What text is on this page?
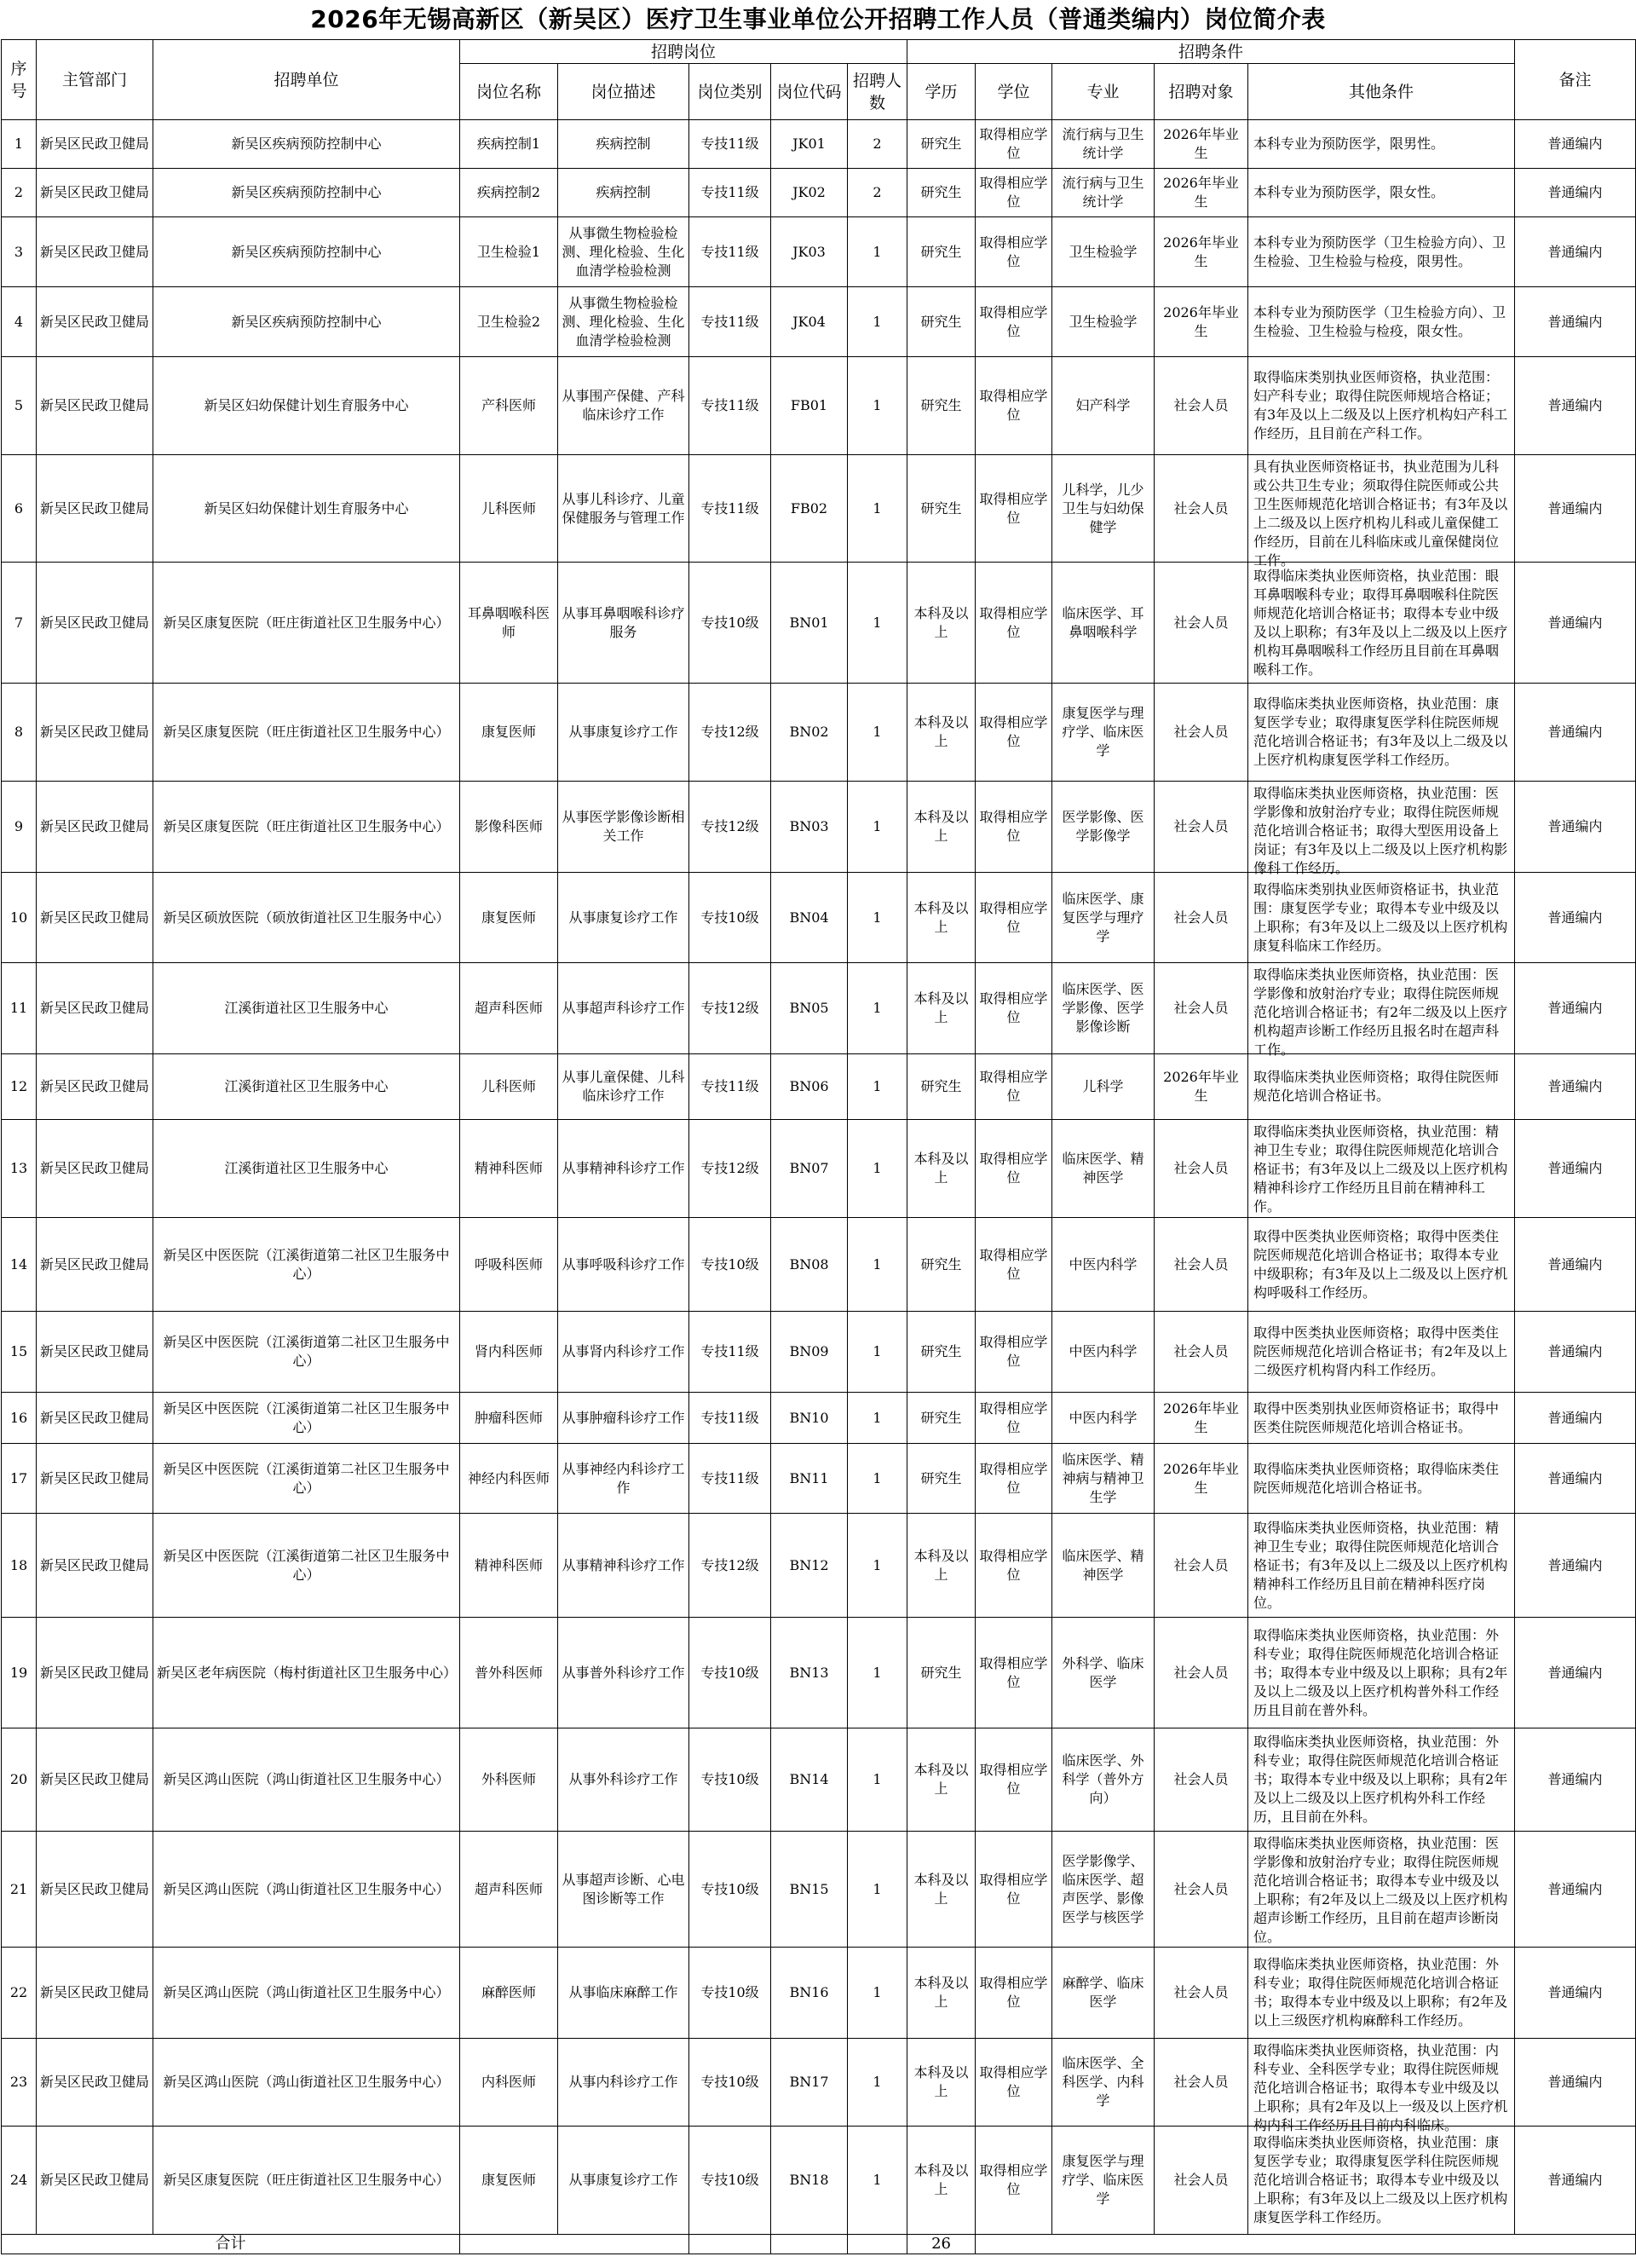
2026年无锡高新区（新吴区）医疗卫生事业单位公开招聘工作人员（普通类编内）岗位简介表
序号	主管部门	招聘单位	招聘岗位					招聘条件					备注
			岗位名称	岗位描述	岗位类别	岗位代码	招聘人数	学历	学位	专业	招聘对象	其他条件	

1	新吴区民政卫健局	新吴区疾病预防控制中心	疾病控制1	疾病控制	专技11级	JK01	2	研究生	取得相应学位	流行病与卫生统计学	2026年毕业生	本科专业为预防医学，限男性。	普通编内

2	新吴区民政卫健局	新吴区疾病预防控制中心	疾病控制2	疾病控制	专技11级	JK02	2	研究生	取得相应学位	流行病与卫生统计学	2026年毕业生	本科专业为预防医学，限女性。	普通编内

3	新吴区民政卫健局	新吴区疾病预防控制中心	卫生检验1	从事微生物检验检测、理化检验、生化血清学检验检测	专技11级	JK03	1	研究生	取得相应学位	卫生检验学	2026年毕业生	本科专业为预防医学（卫生检验方向）、卫生检验、卫生检验与检疫，限男性。	普通编内

4	新吴区民政卫健局	新吴区疾病预防控制中心	卫生检验2	从事微生物检验检测、理化检验、生化血清学检验检测	专技11级	JK04	1	研究生	取得相应学位	卫生检验学	2026年毕业生	本科专业为预防医学（卫生检验方向）、卫生检验、卫生检验与检疫，限女性。	普通编内

5	新吴区民政卫健局	新吴区妇幼保健计划生育服务中心	产科医师	从事围产保健、产科临床诊疗工作	专技11级	FB01	1	研究生	取得相应学位	妇产科学	社会人员	取得临床类别执业医师资格，执业范围：妇产科专业；取得住院医师规培合格证；有3年及以上二级及以上医疗机构妇产科工作经历，且目前在产科工作。	普通编内

6	新吴区民政卫健局	新吴区妇幼保健计划生育服务中心	儿科医师	从事儿科诊疗、儿童保健服务与管理工作	专技11级	FB02	1	研究生	取得相应学位	儿科学，儿少卫生与妇幼保健学	社会人员	具有执业医师资格证书，执业范围为儿科或公共卫生专业；须取得住院医师或公共卫生医师规范化培训合格证书；有3年及以上二级及以上医疗机构儿科或儿童保健工作经历，目前在儿科临床或儿童保健岗位工作。	普通编内

7	新吴区民政卫健局	新吴区康复医院（旺庄街道社区卫生服务中心）	耳鼻咽喉科医师	从事耳鼻咽喉科诊疗服务	专技10级	BN01	1	本科及以上	取得相应学位	临床医学、耳鼻咽喉科学	社会人员	取得临床类执业医师资格，执业范围：眼耳鼻咽喉科专业；取得耳鼻咽喉科住院医师规范化培训合格证书；取得本专业中级及以上职称；有3年及以上二级及以上医疗机构耳鼻咽喉科工作经历且目前在耳鼻咽喉科工作。	普通编内

8	新吴区民政卫健局	新吴区康复医院（旺庄街道社区卫生服务中心）	康复医师	从事康复诊疗工作	专技12级	BN02	1	本科及以上	取得相应学位	康复医学与理疗学、临床医学	社会人员	取得临床类执业医师资格，执业范围：康复医学专业；取得康复医学科住院医师规范化培训合格证书；有3年及以上二级及以上医疗机构康复医学科工作经历。	普通编内

9	新吴区民政卫健局	新吴区康复医院（旺庄街道社区卫生服务中心）	影像科医师	从事医学影像诊断相关工作	专技12级	BN03	1	本科及以上	取得相应学位	医学影像、医学影像学	社会人员	取得临床类执业医师资格，执业范围：医学影像和放射治疗专业；取得住院医师规范化培训合格证书；取得大型医用设备上岗证；有3年及以上二级及以上医疗机构影像科工作经历。	普通编内

10	新吴区民政卫健局	新吴区硕放医院（硕放街道社区卫生服务中心）	康复医师	从事康复诊疗工作	专技10级	BN04	1	本科及以上	取得相应学位	临床医学、康复医学与理疗学	社会人员	取得临床类别执业医师资格证书，执业范围：康复医学专业；取得本专业中级及以上职称；有3年及以上二级及以上医疗机构康复科临床工作经历。	普通编内

11	新吴区民政卫健局	江溪街道社区卫生服务中心	超声科医师	从事超声科诊疗工作	专技12级	BN05	1	本科及以上	取得相应学位	临床医学、医学影像、医学影像诊断	社会人员	取得临床类执业医师资格，执业范围：医学影像和放射治疗专业；取得住院医师规范化培训合格证书；有2年二级及以上医疗机构超声诊断工作经历且报名时在超声科工作。	普通编内

12	新吴区民政卫健局	江溪街道社区卫生服务中心	儿科医师	从事儿童保健、儿科临床诊疗工作	专技11级	BN06	1	研究生	取得相应学位	儿科学	2026年毕业生	取得临床类执业医师资格；取得住院医师规范化培训合格证书。	普通编内

13	新吴区民政卫健局	江溪街道社区卫生服务中心	精神科医师	从事精神科诊疗工作	专技12级	BN07	1	本科及以上	取得相应学位	临床医学、精神医学	社会人员	取得临床类执业医师资格，执业范围：精神卫生专业；取得住院医师规范化培训合格证书；有3年及以上二级及以上医疗机构精神科诊疗工作经历且目前在精神科工作。	普通编内

14	新吴区民政卫健局	新吴区中医医院（江溪街道第二社区卫生服务中心）	呼吸科医师	从事呼吸科诊疗工作	专技10级	BN08	1	研究生	取得相应学位	中医内科学	社会人员	取得中医类执业医师资格；取得中医类住院医师规范化培训合格证书；取得本专业中级职称；有3年及以上二级及以上医疗机构呼吸科工作经历。	普通编内

15	新吴区民政卫健局	新吴区中医医院（江溪街道第二社区卫生服务中心）	肾内科医师	从事肾内科诊疗工作	专技11级	BN09	1	研究生	取得相应学位	中医内科学	社会人员	取得中医类执业医师资格；取得中医类住院医师规范化培训合格证书；有2年及以上二级医疗机构肾内科工作经历。	普通编内

16	新吴区民政卫健局	新吴区中医医院（江溪街道第二社区卫生服务中心）	肿瘤科医师	从事肿瘤科诊疗工作	专技11级	BN10	1	研究生	取得相应学位	中医内科学	2026年毕业生	取得中医类别执业医师资格证书；取得中医类住院医师规范化培训合格证书。	普通编内

17	新吴区民政卫健局	新吴区中医医院（江溪街道第二社区卫生服务中心）	神经内科医师	从事神经内科诊疗工作	专技11级	BN11	1	研究生	取得相应学位	临床医学、精神病与精神卫生学	2026年毕业生	取得临床类执业医师资格；取得临床类住院医师规范化培训合格证书。	普通编内

18	新吴区民政卫健局	新吴区中医医院（江溪街道第二社区卫生服务中心）	精神科医师	从事精神科诊疗工作	专技12级	BN12	1	本科及以上	取得相应学位	临床医学、精神医学	社会人员	取得临床类执业医师资格，执业范围：精神卫生专业；取得住院医师规范化培训合格证书；有3年及以上二级及以上医疗机构精神科工作经历且目前在精神科医疗岗位。	普通编内

19	新吴区民政卫健局	新吴区老年病医院（梅村街道社区卫生服务中心）	普外科医师	从事普外科诊疗工作	专技10级	BN13	1	研究生	取得相应学位	外科学、临床医学	社会人员	取得临床类执业医师资格，执业范围：外科专业；取得住院医师规范化培训合格证书；取得本专业中级及以上职称；具有2年及以上二级及以上医疗机构普外科工作经历且目前在普外科。	普通编内

20	新吴区民政卫健局	新吴区鸿山医院（鸿山街道社区卫生服务中心）	外科医师	从事外科诊疗工作	专技10级	BN14	1	本科及以上	取得相应学位	临床医学、外科学（普外方向）	社会人员	取得临床类执业医师资格，执业范围：外科专业；取得住院医师规范化培训合格证书；取得本专业中级及以上职称；具有2年及以上二级及以上医疗机构外科工作经历，且目前在外科。	普通编内

21	新吴区民政卫健局	新吴区鸿山医院（鸿山街道社区卫生服务中心）	超声科医师	从事超声诊断、心电图诊断等工作	专技10级	BN15	1	本科及以上	取得相应学位	医学影像学、临床医学、超声医学、影像医学与核医学	社会人员	取得临床类执业医师资格，执业范围：医学影像和放射治疗专业；取得住院医师规范化培训合格证书；取得本专业中级及以上职称；有2年及以上二级及以上医疗机构超声诊断工作经历，且目前在超声诊断岗位。	普通编内

22	新吴区民政卫健局	新吴区鸿山医院（鸿山街道社区卫生服务中心）	麻醉医师	从事临床麻醉工作	专技10级	BN16	1	本科及以上	取得相应学位	麻醉学、临床医学	社会人员	取得临床类执业医师资格，执业范围：外科专业；取得住院医师规范化培训合格证书；取得本专业中级及以上职称；有2年及以上三级医疗机构麻醉科工作经历。	普通编内

23	新吴区民政卫健局	新吴区鸿山医院（鸿山街道社区卫生服务中心）	内科医师	从事内科诊疗工作	专技10级	BN17	1	本科及以上	取得相应学位	临床医学、全科医学、内科学	社会人员	取得临床类执业医师资格，执业范围：内科专业、全科医学专业；取得住院医师规范化培训合格证书；取得本专业中级及以上职称；具有2年及以上一级及以上医疗机构内科工作经历且目前内科临床。	普通编内

24	新吴区民政卫健局	新吴区康复医院（旺庄街道社区卫生服务中心）	康复医师	从事康复诊疗工作	专技10级	BN18	1	本科及以上	取得相应学位	康复医学与理疗学、临床医学	社会人员	取得临床类执业医师资格，执业范围：康复医学专业；取得康复医学科住院医师规范化培训合格证书；取得本专业中级及以上职称；有3年及以上二级及以上医疗机构康复医学科工作经历。	普通编内

合计								26					
